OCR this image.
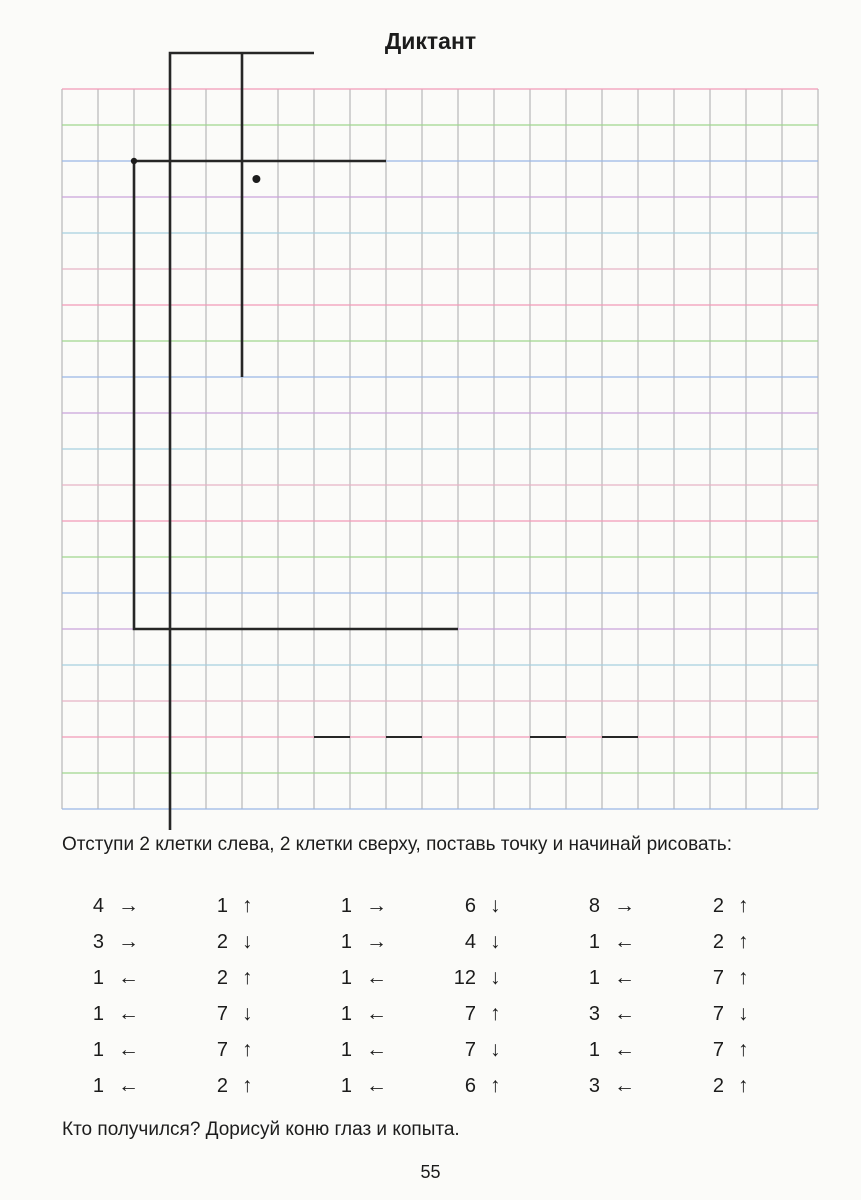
Диктант
Отступи 2 клетки слева, 2 клетки сверху, поставь точку и начинай рисовать:
4 →	1 ↑	1 →	6 ↓	8 →	2 ↑
3 →	2 ↓	1 →	4 ↓	1 ←	2 ↑
1 ←	2 ↑	1 ←	12 ↓	1 ←	7 ↑
1 ←	7 ↓	1 ←	7 ↑	3 ←	7 ↓
1 ←	7 ↑	1 ←	7 ↓	1 ←	7 ↑
1 ←	2 ↑	1 ←	6 ↑	3 ←	2 ↑
Кто получился? Дорисуй коню глаз и копыта.
55
